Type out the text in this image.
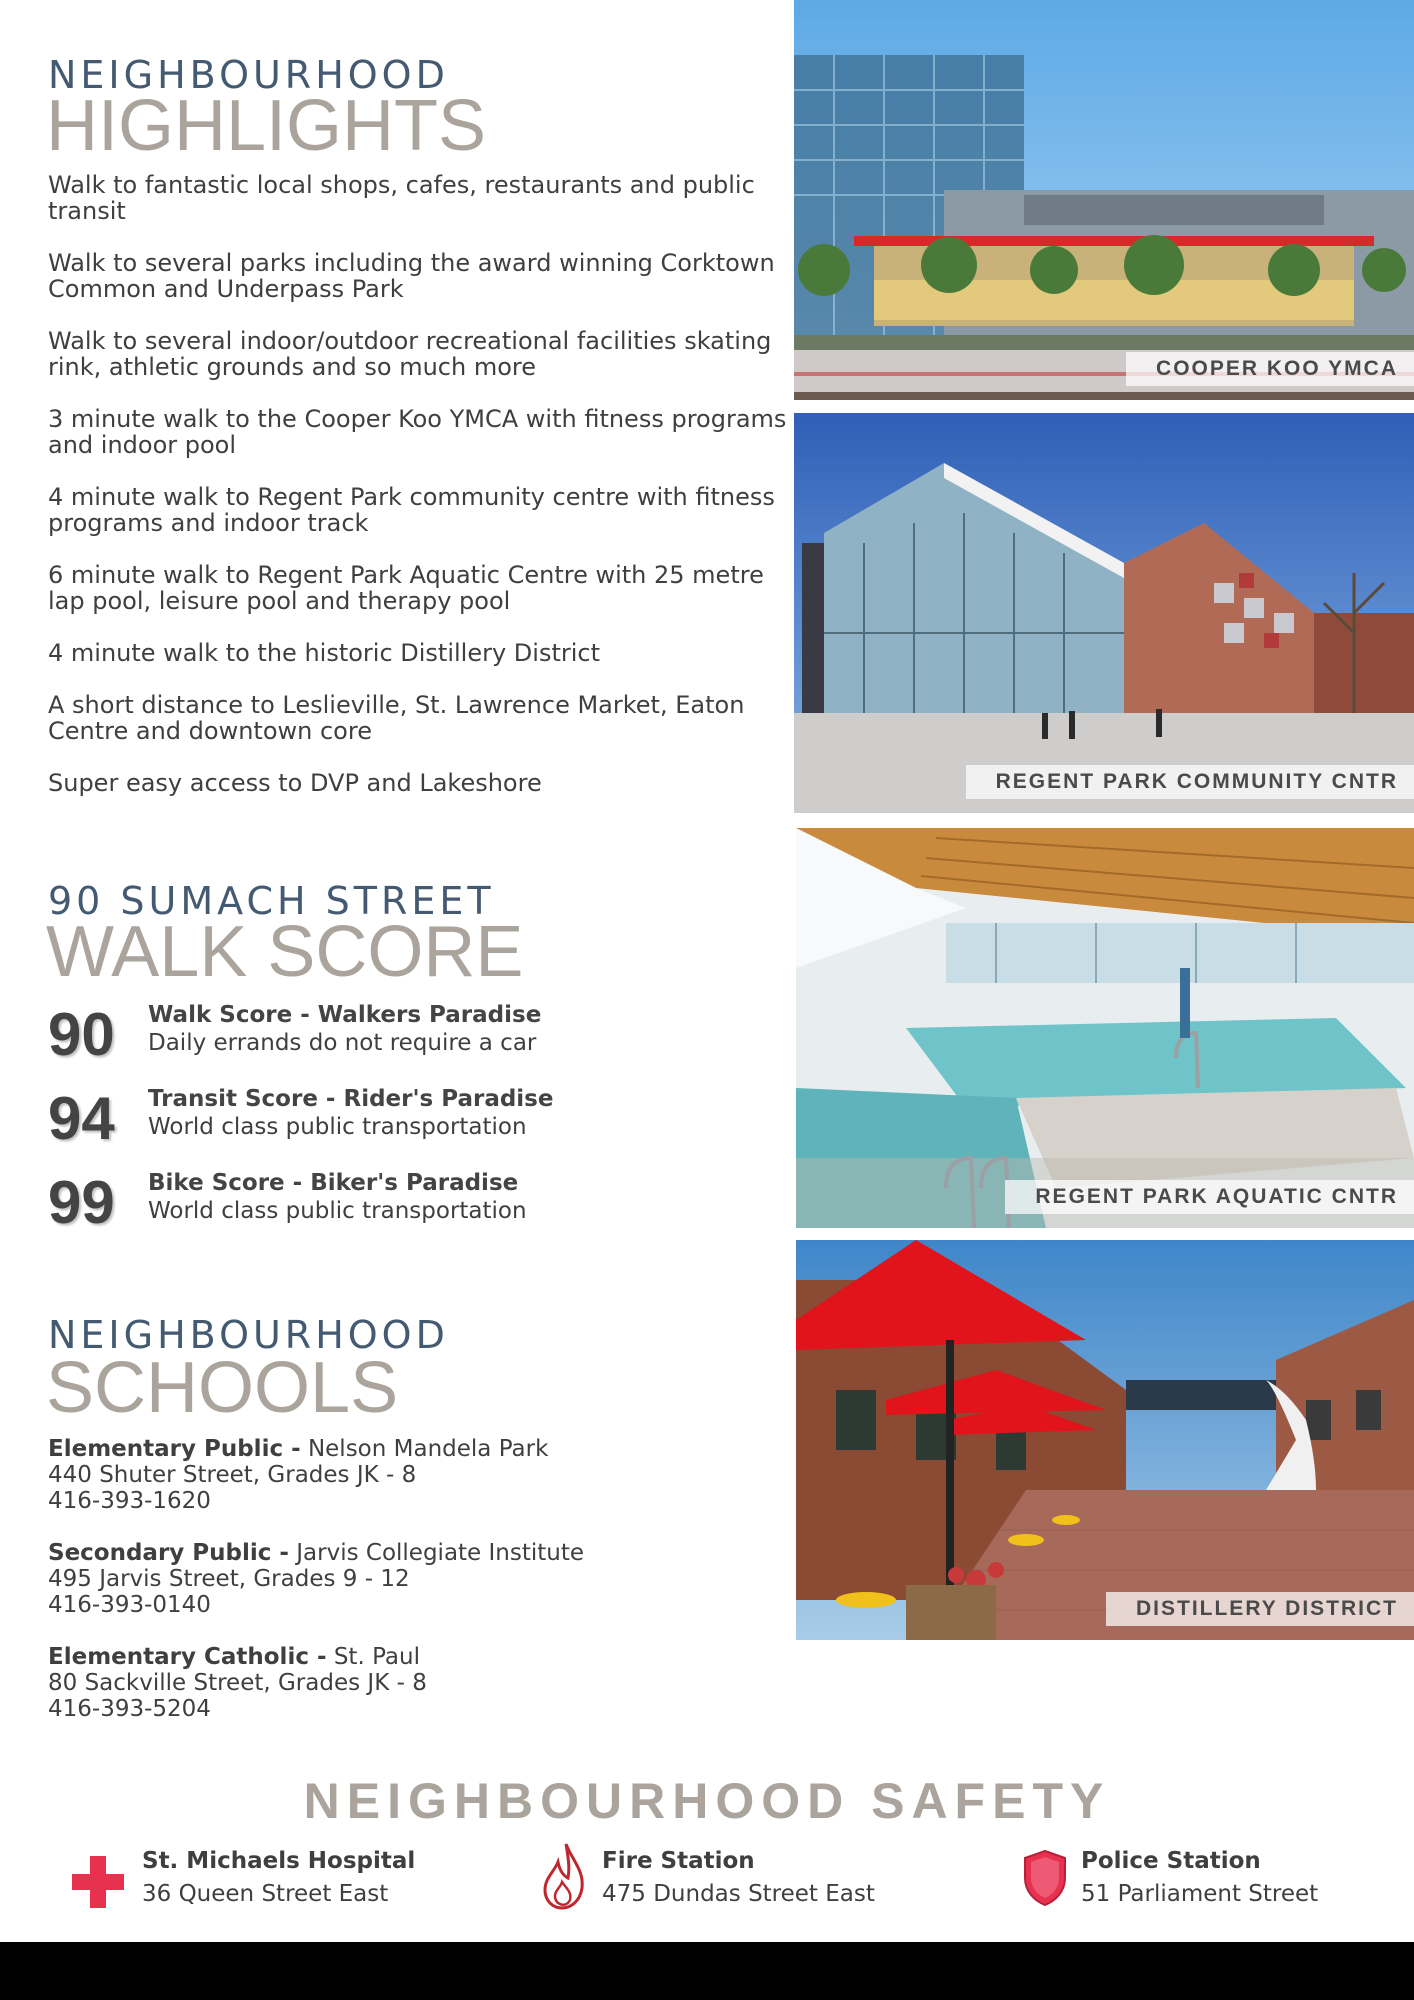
NEIGHBOURHOOD
HIGHLIGHTS
Walk to fantastic local shops, cafes, restaurants and public transit
Walk to several parks including the award winning Corktown Common and Underpass Park
Walk to several indoor/outdoor recreational facilities skating rink, athletic grounds and so much more
3 minute walk to the Cooper Koo YMCA with fitness programs and indoor pool
4 minute walk to Regent Park community centre with fitness programs and indoor track
6 minute walk to Regent Park Aquatic Centre with 25 metre lap pool, leisure pool and therapy pool
4 minute walk to the historic Distillery District
A short distance to Leslieville, St. Lawrence Market, Eaton Centre and downtown core
Super easy access to DVP and Lakeshore
90 SUMACH STREET
WALK SCORE
90 Walk Score - Walkers Paradise
Daily errands do not require a car
94 Transit Score - Rider's Paradise
World class public transportation
99 Bike Score - Biker's Paradise
World class public transportation
NEIGHBOURHOOD
SCHOOLS
Elementary Public - Nelson Mandela Park
440 Shuter Street, Grades JK - 8
416-393-1620
Secondary Public - Jarvis Collegiate Institute
495 Jarvis Street, Grades 9 - 12
416-393-0140
Elementary Catholic - St. Paul
80 Sackville Street, Grades JK - 8
416-393-5204
COOPER KOO YMCA
REGENT PARK COMMUNITY CNTR
REGENT PARK AQUATIC CNTR
DISTILLERY DISTRICT
NEIGHBOURHOOD SAFETY
St. Michaels Hospital
36 Queen Street East
Fire Station
475 Dundas Street East
Police Station
51 Parliament Street
